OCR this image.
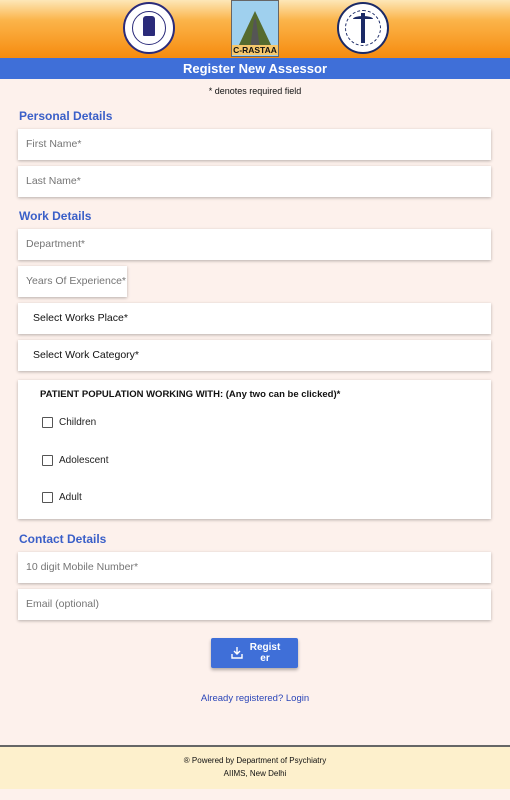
C-RASTAA
Register New Assessor
* denotes required field
Personal Details
First Name*
Last Name*
Work Details
Department*
Years Of Experience*
Select Works Place*
Select Work Category*
PATIENT POPULATION WORKING WITH: (Any two can be clicked)*
Children
Adolescent
Adult
Contact Details
10 digit Mobile Number*
Email (optional)
Register
Already registered? Login
® Powered by Department of Psychiatry
AIIMS, New Delhi
